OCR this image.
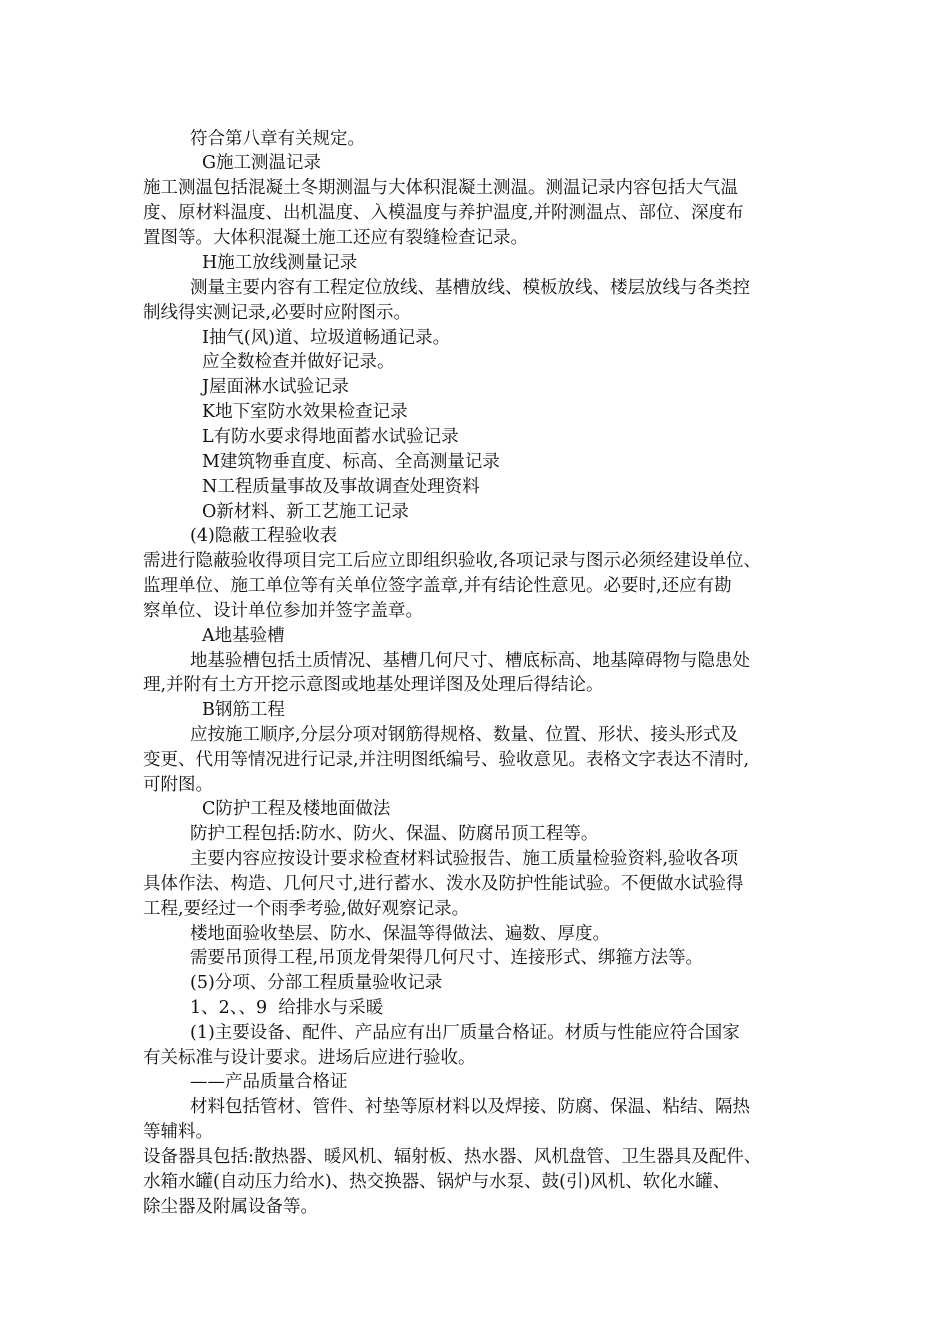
符合第八章有关规定。
G施工测温记录
施工测温包括混凝土冬期测温与大体积混凝土测温。测温记录内容包括大气温
度、原材料温度、出机温度、入模温度与养护温度,并附测温点、部位、深度布
置图等。大体积混凝土施工还应有裂缝检查记录。
H施工放线测量记录
测量主要内容有工程定位放线、基槽放线、模板放线、楼层放线与各类控
制线得实测记录,必要时应附图示。
I抽气(风)道、垃圾道畅通记录。
应全数检查并做好记录。
J屋面淋水试验记录
K地下室防水效果检查记录
L有防水要求得地面蓄水试验记录
M建筑物垂直度、标高、全高测量记录
N工程质量事故及事故调查处理资料
O新材料、新工艺施工记录
(4)隐蔽工程验收表
需进行隐蔽验收得项目完工后应立即组织验收,各项记录与图示必须经建设单位、
监理单位、施工单位等有关单位签字盖章,并有结论性意见。必要时,还应有勘
察单位、设计单位参加并签字盖章。
A地基验槽
地基验槽包括土质情况、基槽几何尺寸、槽底标高、地基障碍物与隐患处
理,并附有土方开挖示意图或地基处理详图及处理后得结论。
B钢筋工程
应按施工顺序,分层分项对钢筋得规格、数量、位置、形状、接头形式及
变更、代用等情况进行记录,并注明图纸编号、验收意见。表格文字表达不清时,
可附图。
C防护工程及楼地面做法
防护工程包括:防水、防火、保温、防腐吊顶工程等。
主要内容应按设计要求检查材料试验报告、施工质量检验资料,验收各项
具体作法、构造、几何尺寸,进行蓄水、泼水及防护性能试验。不便做水试验得
工程,要经过一个雨季考验,做好观察记录。
楼地面验收垫层、防水、保温等得做法、遍数、厚度。
需要吊顶得工程,吊顶龙骨架得几何尺寸、连接形式、绑箍方法等。
(5)分项、分部工程质量验收记录
1、2、、9  给排水与采暖
(1)主要设备、配件、产品应有出厂质量合格证。材质与性能应符合国家
有关标准与设计要求。进场后应进行验收。
——产品质量合格证
材料包括管材、管件、衬垫等原材料以及焊接、防腐、保温、粘结、隔热
等辅料。
设备器具包括:散热器、暖风机、辐射板、热水器、风机盘管、卫生器具及配件、
水箱水罐(自动压力给水)、热交换器、锅炉与水泵、鼓(引)风机、软化水罐、
除尘器及附属设备等。
